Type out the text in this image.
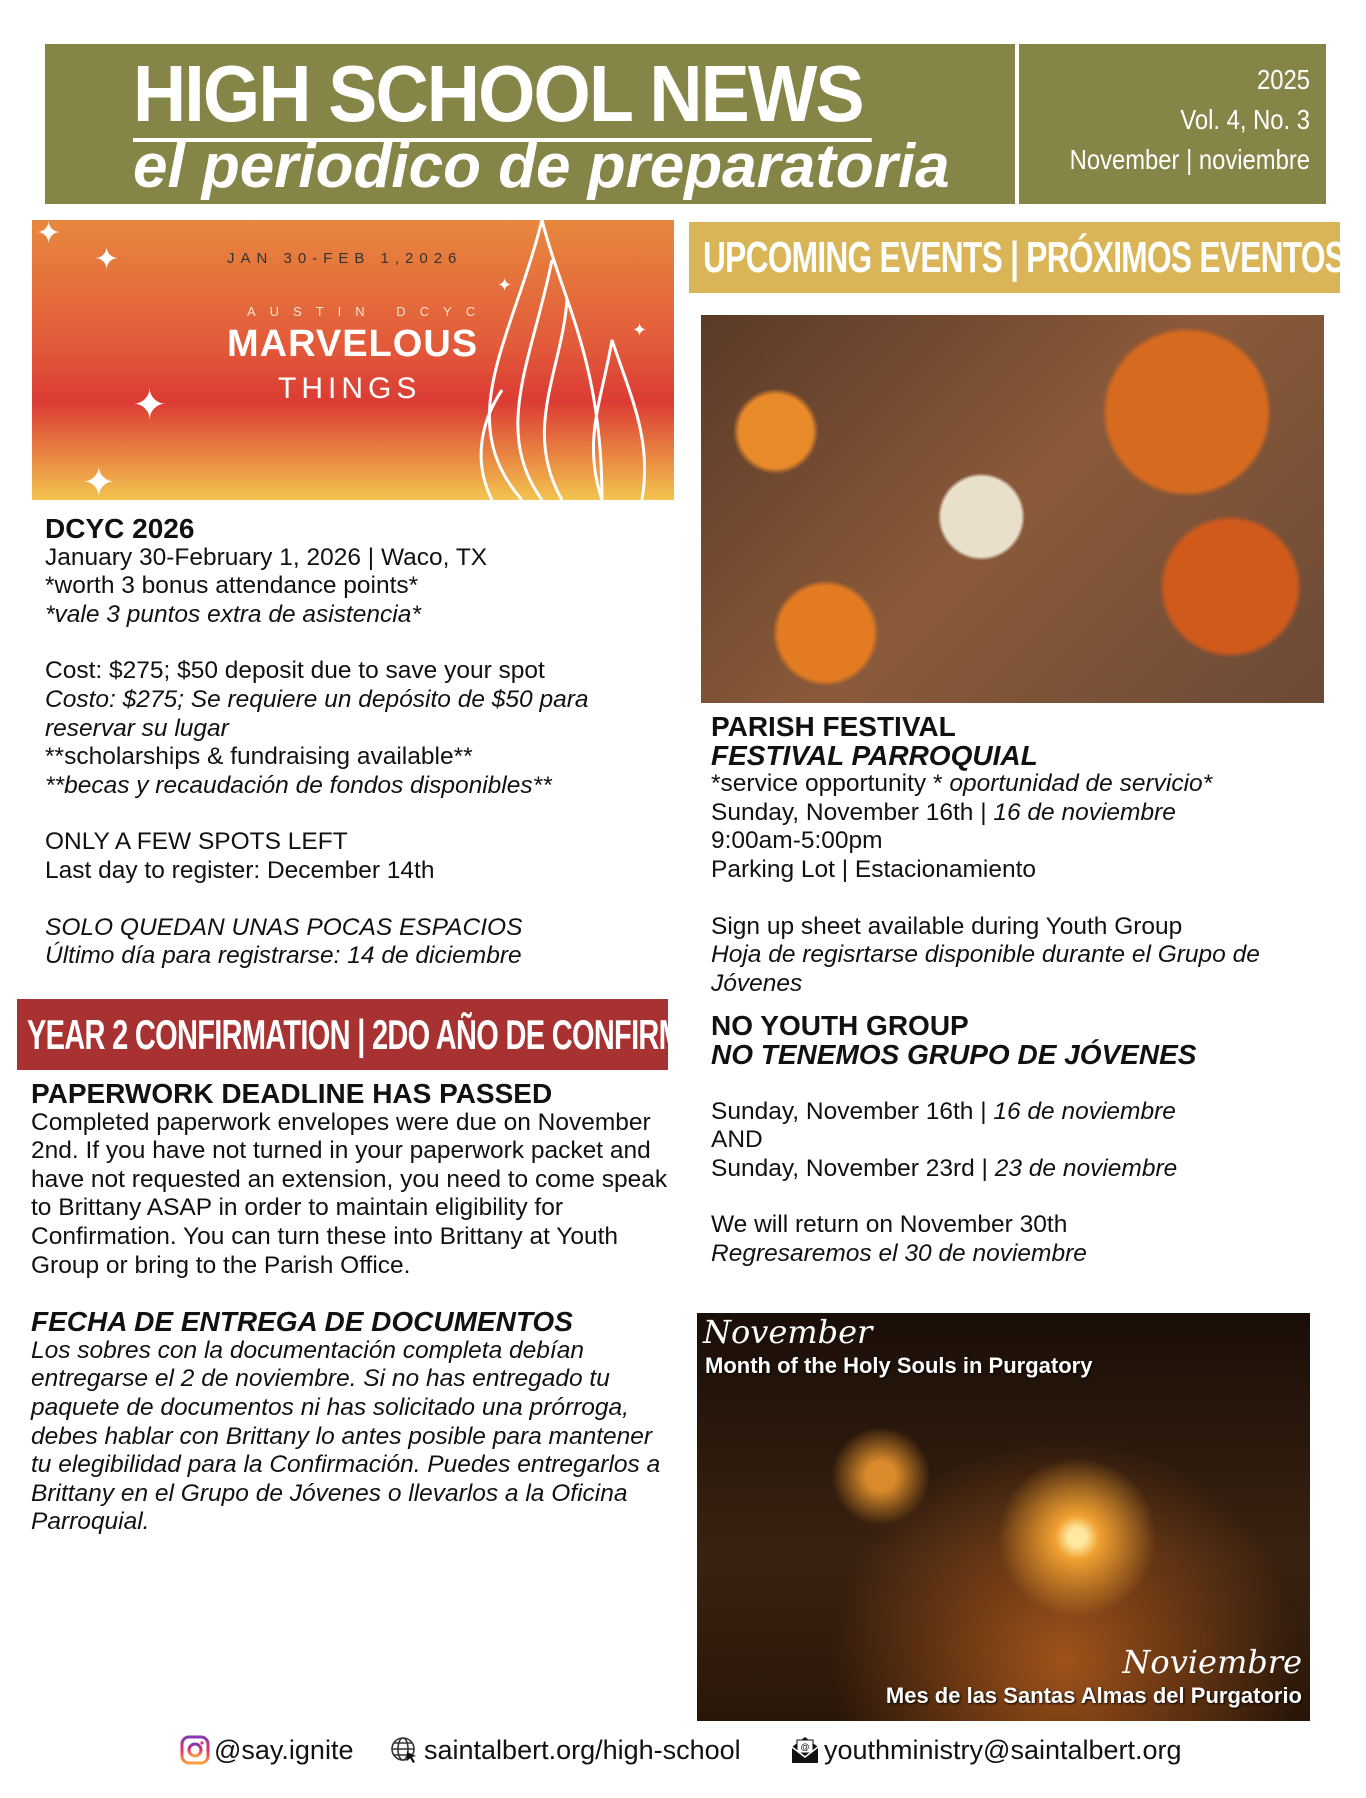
HIGH SCHOOL NEWS
el periodico de preparatoria
2025
Vol. 4, No. 3
November | noviembre
✦
✦
✦
✦
✦
✦
JAN 30-FEB 1,2026
AUSTIN DCYC
MARVELOUS
THINGS
DCYC 2026
January 30-February 1, 2026 | Waco, TX
*worth 3 bonus attendance points*
*vale 3 puntos extra de asistencia*
Cost: $275; $50 deposit due to save your spot
Costo: $275; Se requiere un depósito de $50 para reservar su lugar
**scholarships & fundraising available**
**becas y recaudación de fondos disponibles**
ONLY A FEW SPOTS LEFT
Last day to register: December 14th
SOLO QUEDAN UNAS POCAS ESPACIOS
Último día para registrarse: 14 de diciembre
YEAR 2 CONFIRMATION | 2DO AÑO DE CONFIRMACION
PAPERWORK DEADLINE HAS PASSED
Completed paperwork envelopes were due on November 2nd. If you have not turned in your paperwork packet and have not requested an extension, you need to come speak to Brittany ASAP in order to maintain eligibility for Confirmation. You can turn these into Brittany at Youth Group or bring to the Parish Office.
FECHA DE ENTREGA DE DOCUMENTOS
Los sobres con la documentación completa debían entregarse el 2 de noviembre. Si no has entregado tu paquete de documentos ni has solicitado una prórroga, debes hablar con Brittany lo antes posible para mantener tu elegibilidad para la Confirmación. Puedes entregarlos a Brittany en el Grupo de Jóvenes o llevarlos a la Oficina Parroquial.
UPCOMING EVENTS | PRÓXIMOS EVENTOS
PARISH FESTIVAL
FESTIVAL PARROQUIAL
*service opportunity * oportunidad de servicio*
Sunday, November 16th | 16 de noviembre
9:00am-5:00pm
Parking Lot | Estacionamiento
Sign up sheet available during Youth Group
Hoja de regisrtarse disponible durante el Grupo de Jóvenes
NO YOUTH GROUP
NO TENEMOS GRUPO DE JÓVENES
Sunday, November 16th | 16 de noviembre
AND
Sunday, November 23rd | 23 de noviembre
We will return on November 30th
Regresaremos el 30 de noviembre
November
Month of the Holy Souls in Purgatory
Noviembre
Mes de las Santas Almas del Purgatorio
@say.ignite	saintalbert.org/high-school	@ youthministry@saintalbert.org
